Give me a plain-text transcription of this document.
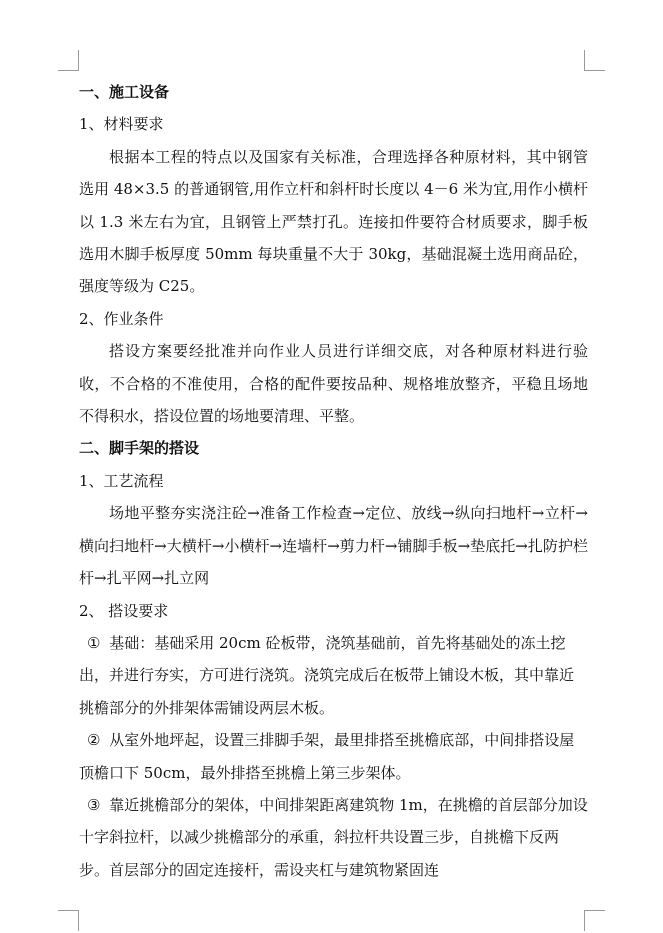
一、施工设备

1、材料要求

根据本工程的特点以及国家有关标准，合理选择各种原材料，其中钢管选用 48×3.5 的普通钢管,用作立杆和斜杆时长度以 4－6 米为宜,用作小横杆以 1.3 米左右为宜，且钢管上严禁打孔。连接扣件要符合材质要求，脚手板选用木脚手板厚度 50mm 每块重量不大于 30kg，基础混凝土选用商品砼，强度等级为 C25。

2、作业条件

搭设方案要经批准并向作业人员进行详细交底，对各种原材料进行验收，不合格的不准使用，合格的配件要按品种、规格堆放整齐，平稳且场地不得积水，搭设位置的场地要清理、平整。

二、脚手架的搭设

1、工艺流程

场地平整夯实浇注砼→准备工作检查→定位、放线→纵向扫地杆→立杆→横向扫地杆→大横杆→小横杆→连墙杆→剪力杆→铺脚手板→垫底托→扎防护栏杆→扎平网→扎立网

2、 搭设要求

① 基础：基础采用 20cm 砼板带，浇筑基础前，首先将基础处的冻土挖出，并进行夯实，方可进行浇筑。浇筑完成后在板带上铺设木板，其中靠近挑檐部分的外排架体需铺设两层木板。

② 从室外地坪起，设置三排脚手架，最里排搭至挑檐底部，中间排搭设屋顶檐口下 50cm，最外排搭至挑檐上第三步架体。

③ 靠近挑檐部分的架体，中间排架距离建筑物 1m，在挑檐的首层部分加设十字斜拉杆，以减少挑檐部分的承重，斜拉杆共设置三步，自挑檐下反两步。首层部分的固定连接杆，需设夹杠与建筑物紧固连
